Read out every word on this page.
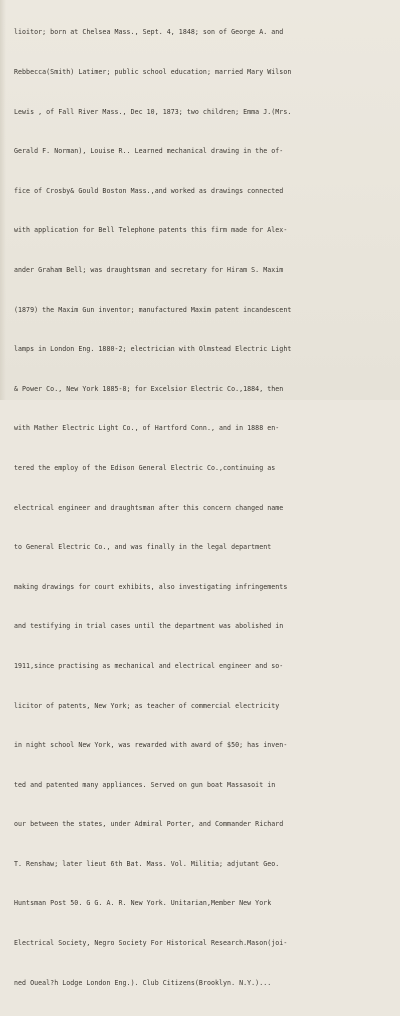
lioitor; born at Chelsea Mass., Sept. 4, 1848; son of George A. and

Rebbecca(Smith) Latimer; public school education; married Mary Wilson

Lewis , of Fall River Mass., Dec 10, 1873; two children; Emma J.(Mrs.

Gerald F. Norman), Louise R.. Learned mechanical drawing in the of-

fice of Crosby& Gould Boston Mass.,and worked as drawings connected

with application for Bell Telephone patents this firm made for Alex-

ander Graham Bell; was draughtsman and secretary for Hiram S. Maxim

(1879) the Maxim Gun inventor; manufactured Maxim patent incandescent

lamps in London Eng. 1880-2; electrician with Olmstead Electric Light

& Power Co., New York 1885-8; for Excelsior Electric Co.,1884, then

with Mather Electric Light Co., of Hartford Conn., and in 1888 en-

tered the employ of the Edison General Electric Co.,continuing as

electrical engineer and draughtsman after this concern changed name

to General Electric Co., and was finally in the legal department

making drawings for court exhibits, also investigating infringements

and testifying in trial cases until the department was abolished in

1911,since practising as mechanical and electrical engineer and so-

licitor of patents, New York; as teacher of commercial electricity

in night school New York, was rewarded with award of $50; has inven-

ted and patented many appliances. Served on gun boat Massasoit in

our between the states, under Admiral Porter, and Commander Richard

T. Renshaw; later lieut 6th Bat. Mass. Vol. Militia; adjutant Geo.

Huntsman Post 50. G G. A. R. New York. Unitarian,Member New York

Electrical Society, Negro Society For Historical Research.Mason(joi-

ned Oueal?h Lodge London Eng.). Club Citizens(Brooklyn. N.Y.)...
